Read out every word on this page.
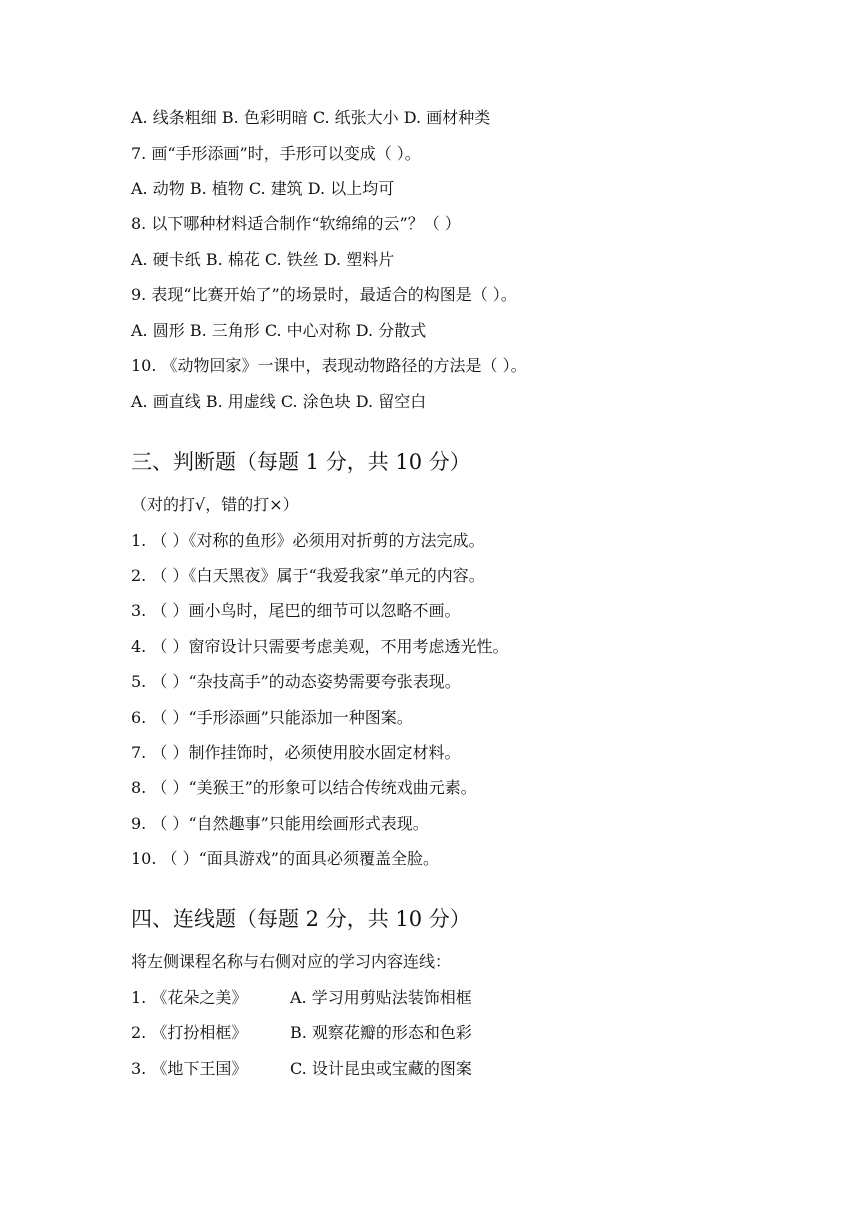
A. 线条粗细 B. 色彩明暗 C. 纸张大小 D. 画材种类
7. 画“手形添画”时，手形可以变成（ ）。
A. 动物 B. 植物 C. 建筑 D. 以上均可
8. 以下哪种材料适合制作“软绵绵的云”？（ ）
A. 硬卡纸 B. 棉花 C. 铁丝 D. 塑料片
9. 表现“比赛开始了”的场景时，最适合的构图是（ ）。
A. 圆形 B. 三角形 C. 中心对称 D. 分散式
10. 《动物回家》一课中，表现动物路径的方法是（ ）。
A. 画直线 B. 用虚线 C. 涂色块 D. 留空白
三、判断题（每题 1 分，共 10 分）
（对的打√，错的打×）
1. （ ）《对称的鱼形》必须用对折剪的方法完成。
2. （ ）《白天黑夜》属于“我爱我家”单元的内容。
3. （ ）画小鸟时，尾巴的细节可以忽略不画。
4. （ ）窗帘设计只需要考虑美观，不用考虑透光性。
5. （ ）“杂技高手”的动态姿势需要夸张表现。
6. （ ）“手形添画”只能添加一种图案。
7. （ ）制作挂饰时，必须使用胶水固定材料。
8. （ ）“美猴王”的形象可以结合传统戏曲元素。
9. （ ）“自然趣事”只能用绘画形式表现。
10. （ ）“面具游戏”的面具必须覆盖全脸。
四、连线题（每题 2 分，共 10 分）
将左侧课程名称与右侧对应的学习内容连线：
1. 《花朵之美》	A. 学习用剪贴法装饰相框
2. 《打扮相框》	B. 观察花瓣的形态和色彩
3. 《地下王国》	C. 设计昆虫或宝藏的图案
